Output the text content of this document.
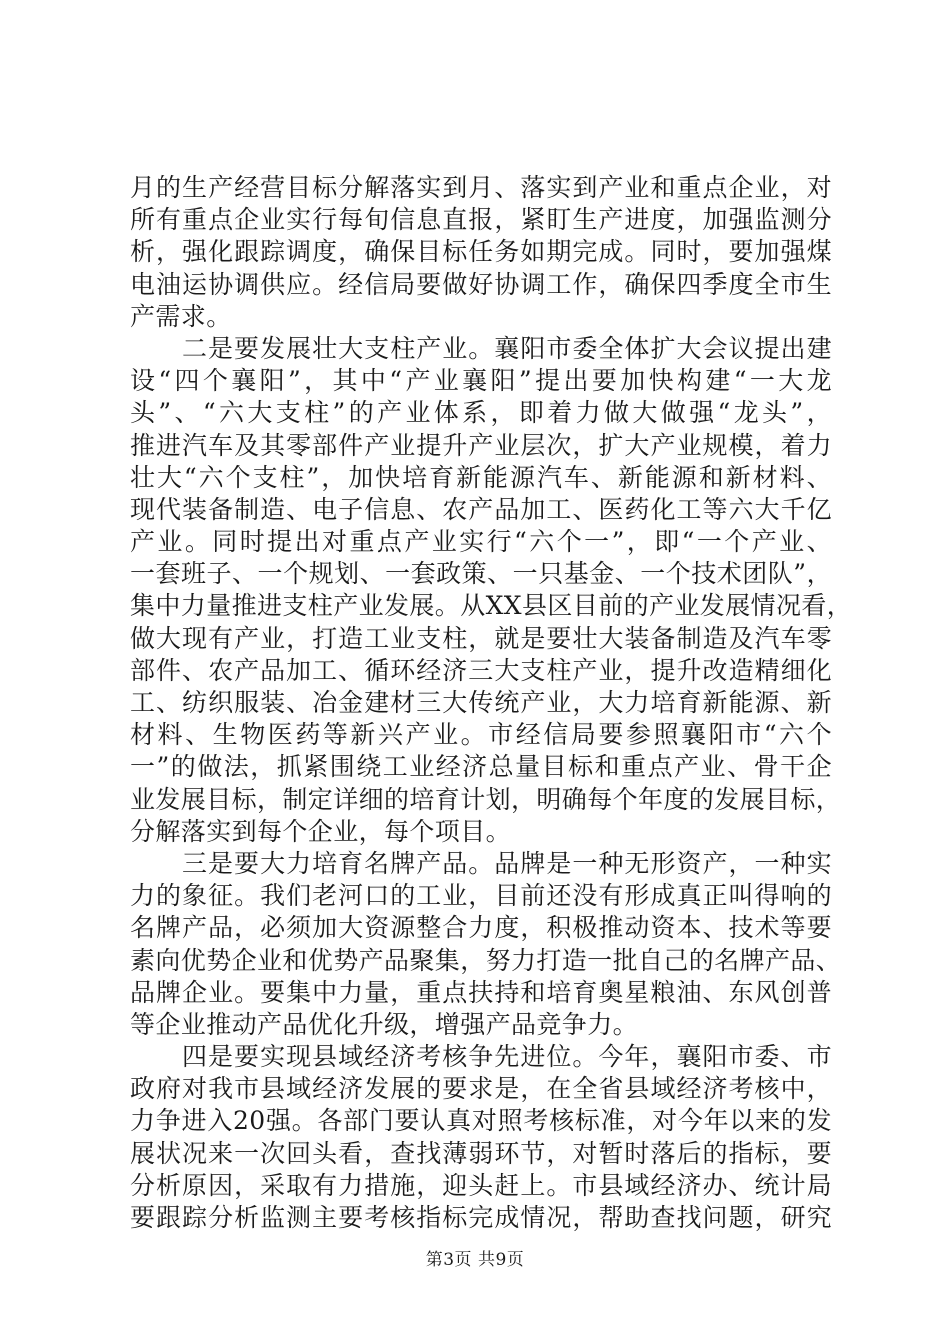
月的生产经营目标分解落实到月、落实到产业和重点企业，对
所有重点企业实行每旬信息直报，紧盯生产进度，加强监测分
析，强化跟踪调度，确保目标任务如期完成。同时，要加强煤
电油运协调供应。经信局要做好协调工作，确保四季度全市生
产需求。
二是要发展壮大支柱产业。襄阳市委全体扩大会议提出建
设“四个襄阳”，其中“产业襄阳”提出要加快构建“一大龙
头”、“六大支柱”的产业体系，即着力做大做强“龙头”，
推进汽车及其零部件产业提升产业层次，扩大产业规模，着力
壮大“六个支柱”，加快培育新能源汽车、新能源和新材料、
现代装备制造、电子信息、农产品加工、医药化工等六大千亿
产业。同时提出对重点产业实行“六个一”，即“一个产业、
一套班子、一个规划、一套政策、一只基金、一个技术团队”，
集中力量推进支柱产业发展。从XX县区目前的产业发展情况看，
做大现有产业，打造工业支柱，就是要壮大装备制造及汽车零
部件、农产品加工、循环经济三大支柱产业，提升改造精细化
工、纺织服装、冶金建材三大传统产业，大力培育新能源、新
材料、生物医药等新兴产业。市经信局要参照襄阳市“六个
一”的做法，抓紧围绕工业经济总量目标和重点产业、骨干企
业发展目标，制定详细的培育计划，明确每个年度的发展目标，
分解落实到每个企业，每个项目。
三是要大力培育名牌产品。品牌是一种无形资产，一种实
力的象征。我们老河口的工业，目前还没有形成真正叫得响的
名牌产品，必须加大资源整合力度，积极推动资本、技术等要
素向优势企业和优势产品聚集，努力打造一批自己的名牌产品、
品牌企业。要集中力量，重点扶持和培育奥星粮油、东风创普
等企业推动产品优化升级，增强产品竞争力。
四是要实现县域经济考核争先进位。今年，襄阳市委、市
政府对我市县域经济发展的要求是，在全省县域经济考核中，
力争进入20强。各部门要认真对照考核标准，对今年以来的发
展状况来一次回头看，查找薄弱环节，对暂时落后的指标，要
分析原因，采取有力措施，迎头赶上。市县域经济办、统计局
要跟踪分析监测主要考核指标完成情况，帮助查找问题，研究
第3页 共9页
